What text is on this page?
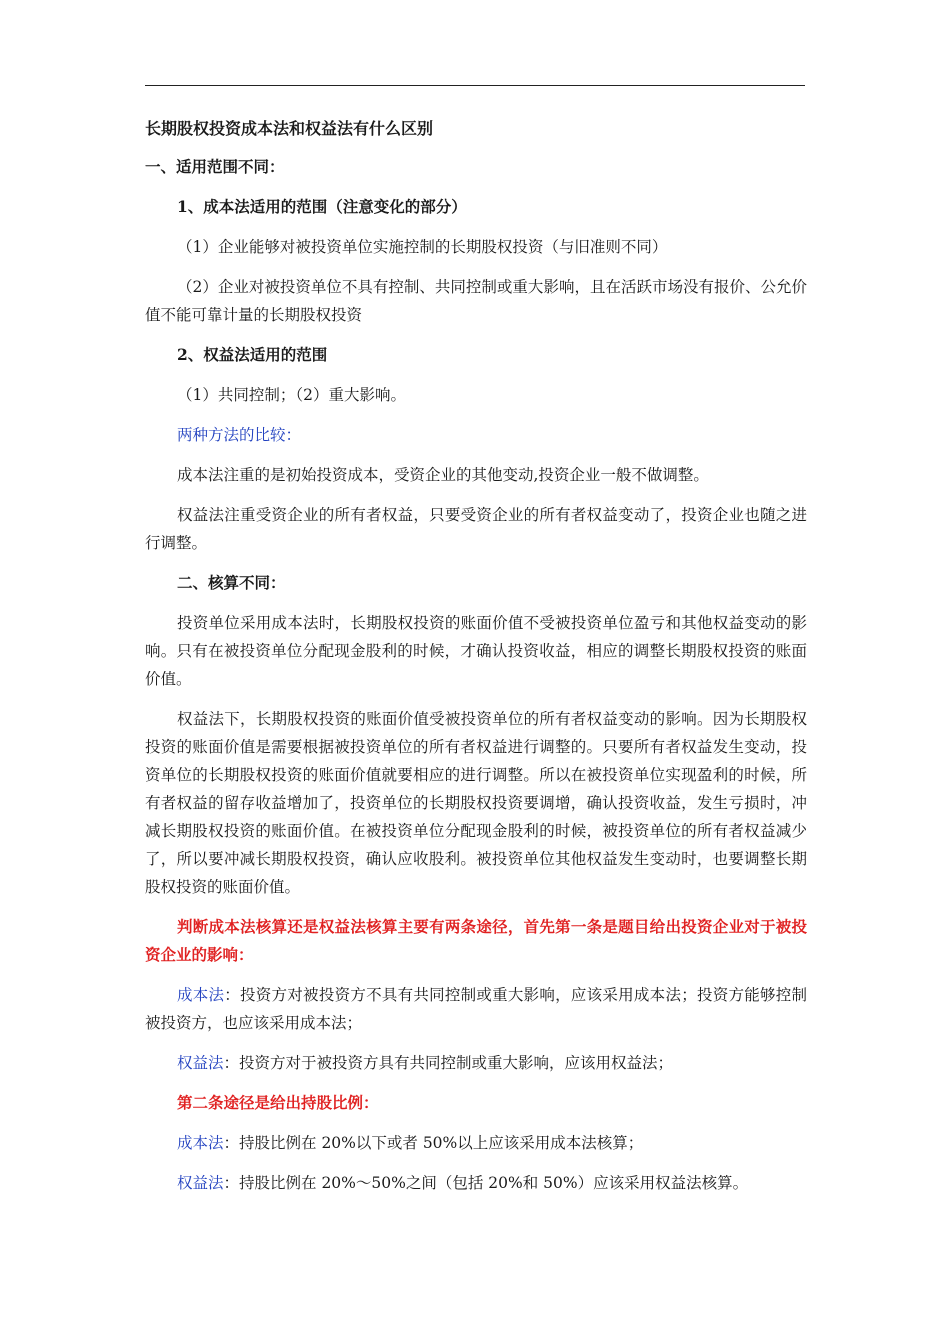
长期股权投资成本法和权益法有什么区别

一、适用范围不同：

1、成本法适用的范围（注意变化的部分）

（1）企业能够对被投资单位实施控制的长期股权投资（与旧准则不同）

（2）企业对被投资单位不具有控制、共同控制或重大影响，且在活跃市场没有报价、公允价值不能可靠计量的长期股权投资

2、权益法适用的范围

（1）共同控制；（2）重大影响。

两种方法的比较：

成本法注重的是初始投资成本，受资企业的其他变动,投资企业一般不做调整。

权益法注重受资企业的所有者权益，只要受资企业的所有者权益变动了，投资企业也随之进行调整。

二、核算不同：

投资单位采用成本法时，长期股权投资的账面价值不受被投资单位盈亏和其他权益变动的影响。只有在被投资单位分配现金股利的时候，才确认投资收益，相应的调整长期股权投资的账面价值。

权益法下，长期股权投资的账面价值受被投资单位的所有者权益变动的影响。因为长期股权投资的账面价值是需要根据被投资单位的所有者权益进行调整的。只要所有者权益发生变动，投资单位的长期股权投资的账面价值就要相应的进行调整。所以在被投资单位实现盈利的时候，所有者权益的留存收益增加了，投资单位的长期股权投资要调增，确认投资收益，发生亏损时，冲减长期股权投资的账面价值。在被投资单位分配现金股利的时候，被投资单位的所有者权益减少了，所以要冲减长期股权投资，确认应收股利。被投资单位其他权益发生变动时，也要调整长期股权投资的账面价值。

判断成本法核算还是权益法核算主要有两条途径，首先第一条是题目给出投资企业对于被投资企业的影响：

成本法：投资方对被投资方不具有共同控制或重大影响，应该采用成本法；投资方能够控制被投资方，也应该采用成本法；

权益法：投资方对于被投资方具有共同控制或重大影响，应该用权益法；

第二条途径是给出持股比例：

成本法：持股比例在 20%以下或者 50%以上应该采用成本法核算；

权益法：持股比例在 20%～50%之间（包括 20%和 50%）应该采用权益法核算。
